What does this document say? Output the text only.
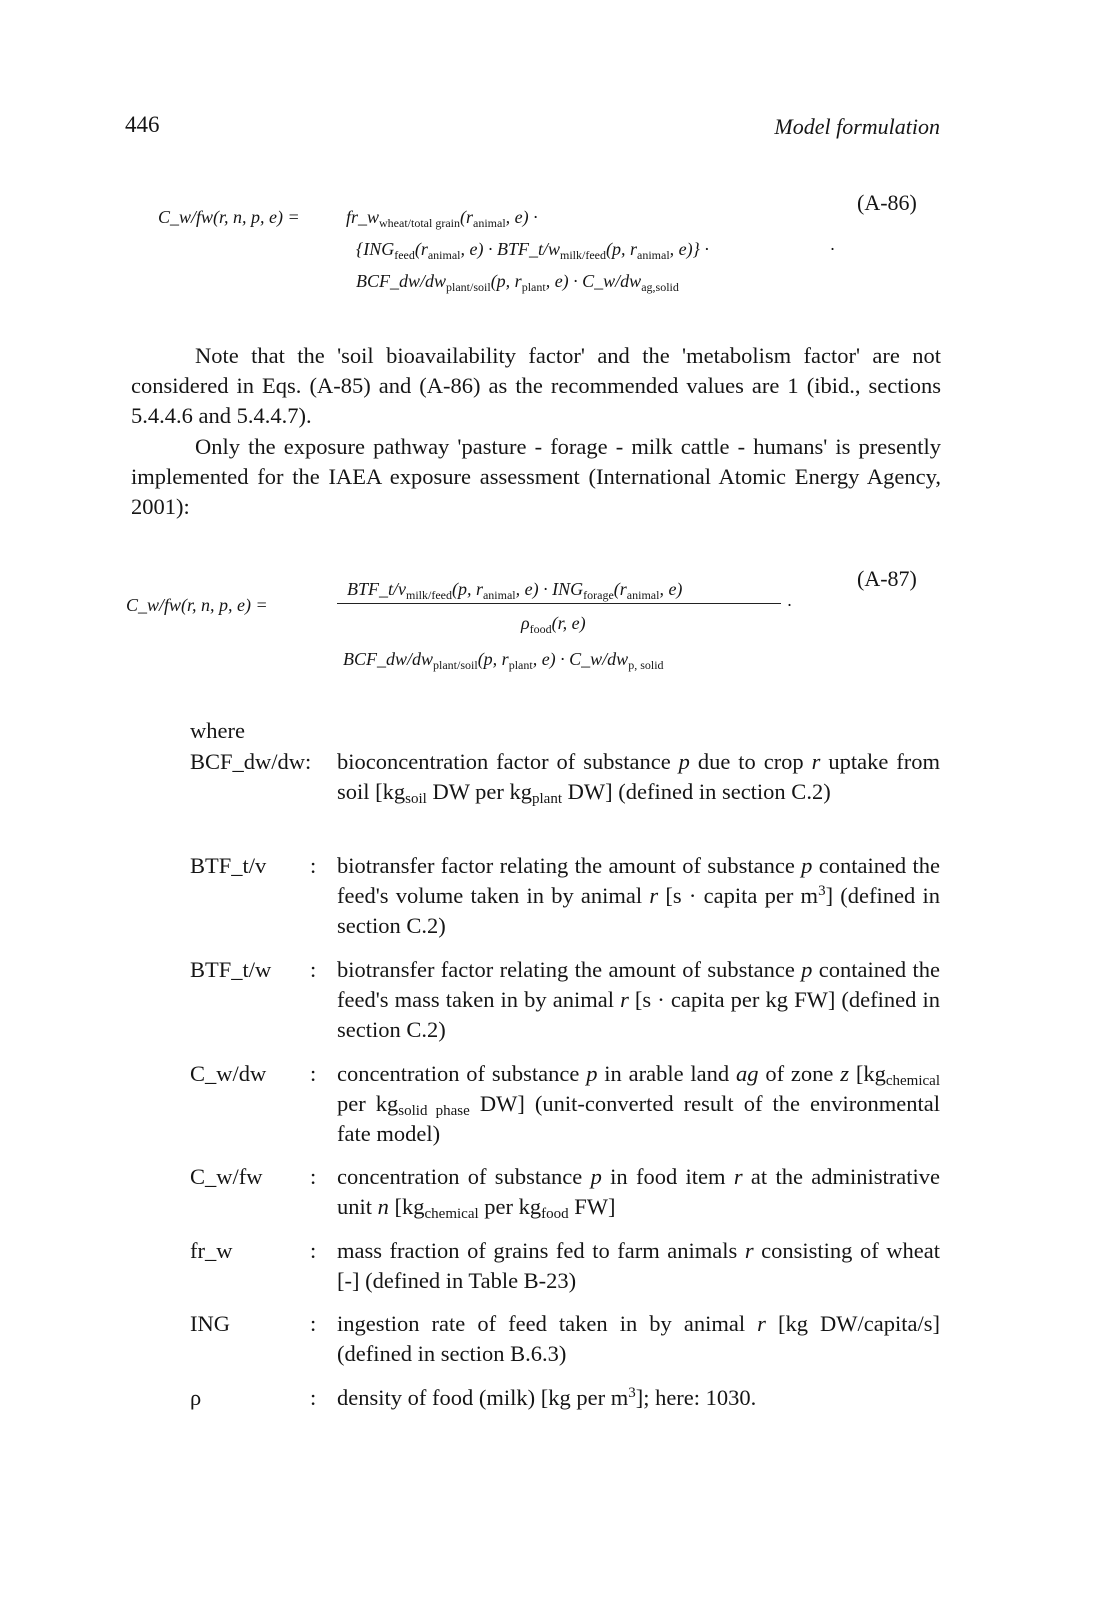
446	Model formulation
C_w/fw(r, n, p, e) =	$fr\_w_{wheat/total grain}(r_{animal}$, e) ·
(A-86)
{$ING_{feed}(r_{animal}$, $e) \cdot BTF\_t/w_{milk/feed}(p$, $r_{animal}$, e)} ·	·
$BCF\_dw/dw_{plant/soil}(p$, $r_{plant}$, $e) \cdot C\_w/dw_{ag,solid}$
Note that the 'soil bioavailability factor' and the 'metabolism factor' are not considered in Eqs. (A-85) and (A-86) as the recommended values are 1 (ibid., sections 5.4.4.6 and 5.4.4.7).
Only the exposure pathway 'pasture - forage - milk cattle - humans' is presently implemented for the IAEA exposure assessment (International Atomic Energy Agency, 2001):
C_w/fw(r, n, p, e) =
$BTF\_t/v_{milk/feed}(p$, $r_{animal}$, $e) \cdot ING_{forage}(r_{animal}$, e)
·
$\rho_{food}(r$, e)
(A-87)
$BCF\_dw/dw_{plant/soil}(p$, $r_{plant}$, $e) \cdot C\_w/dw_{p, solid}$
where
BCF_dw/dw: bioconcentration factor of substance p due to crop r uptake from soil [$kg_{soil}$ DW per $kg_{plant}$ DW] (defined in section C.2)
BTF_t/v : biotransfer factor relating the amount of substance p contained the feed's volume taken in by animal r [s · capita per $m^3$] (defined in section C.2)
BTF_t/w : biotransfer factor relating the amount of substance p contained the feed's mass taken in by animal r [s · capita per kg FW] (defined in section C.2)
C_w/dw : concentration of substance p in arable land ag of zone z [$kg_{chemical}$ per $kg_{solid phase}$ DW] (unit-converted result of the environmental fate model)
C_w/fw : concentration of substance p in food item r at the administrative unit n [$kg_{chemical}$ per $kg_{food}$ FW]
fr_w	: mass fraction of grains fed to farm animals r consisting of wheat [-] (defined in Table B-23)
ING	: ingestion rate of feed taken in by animal r [kg DW/capita/s] (defined in section B.6.3)
ρ	: density of food (milk) [kg per $m^3$]; here: 1030.
